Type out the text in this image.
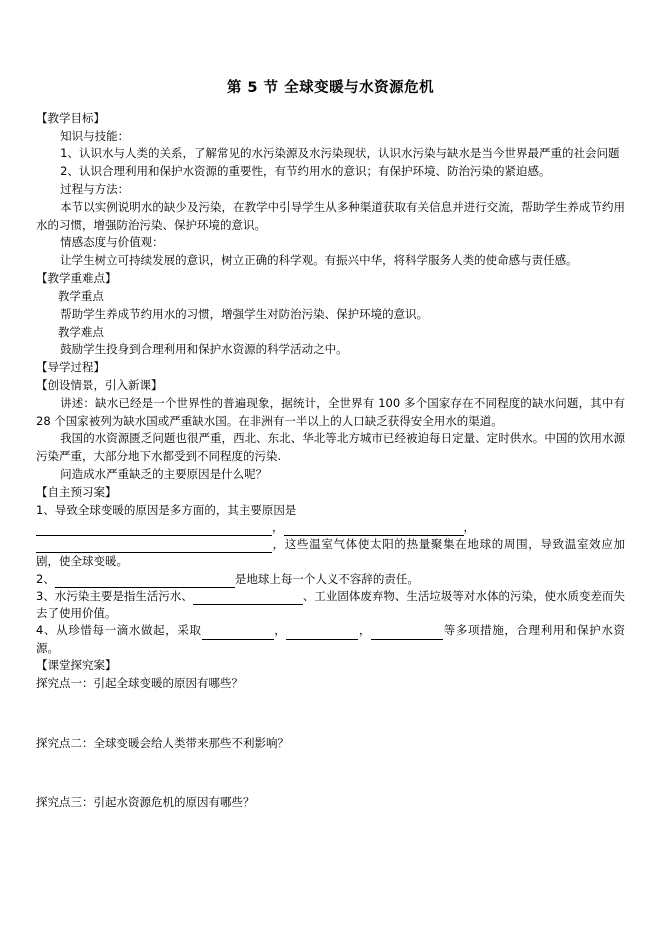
第 5 节 全球变暖与水资源危机

【教学目标】

知识与技能：

1、认识水与人类的关系，了解常见的水污染源及水污染现状，认识水污染与缺水是当今世界最严重的社会问题

2、认识合理利用和保护水资源的重要性，有节约用水的意识；有保护环境、防治污染的紧迫感。

过程与方法：

本节以实例说明水的缺少及污染，在教学中引导学生从多种渠道获取有关信息并进行交流，帮助学生养成节约用水的习惯，增强防治污染、保护环境的意识。

情感态度与价值观：

让学生树立可持续发展的意识，树立正确的科学观。有振兴中华，将科学服务人类的使命感与责任感。

【教学重难点】

教学重点

帮助学生养成节约用水的习惯，增强学生对防治污染、保护环境的意识。

教学难点

鼓励学生投身到合理利用和保护水资源的科学活动之中。

【导学过程】

【创设情景，引入新课】

讲述：缺水已经是一个世界性的普遍现象，据统计，全世界有 100 多个国家存在不同程度的缺水问题，其中有 28 个国家被列为缺水国或严重缺水国。在非洲有一半以上的人口缺乏获得安全用水的渠道。

我国的水资源匮乏问题也很严重，西北、东北、华北等北方城市已经被迫每日定量、定时供水。中国的饮用水源污染严重，大部分地下水都受到不同程度的污染.

问造成水严重缺乏的主要原因是什么呢？

【自主预习案】

1、导致全球变暖的原因是多方面的，其主要原因是
，	，
，这些温室气体使太阳的热量聚集在地球的周围，导致温室效应加剧，使全球变暖。

2、	是地球上每一个人义不容辞的责任。

3、水污染主要是指生活污水、	、工业固体废弃物、生活垃圾等对水体的污染，使水质变差而失去了使用价值。

4、从珍惜每一滴水做起，采取	，	，	等多项措施，合理利用和保护水资源。

【课堂探究案】

探究点一：引起全球变暖的原因有哪些？

探究点二：全球变暖会给人类带来那些不利影响？

探究点三：引起水资源危机的原因有哪些？
